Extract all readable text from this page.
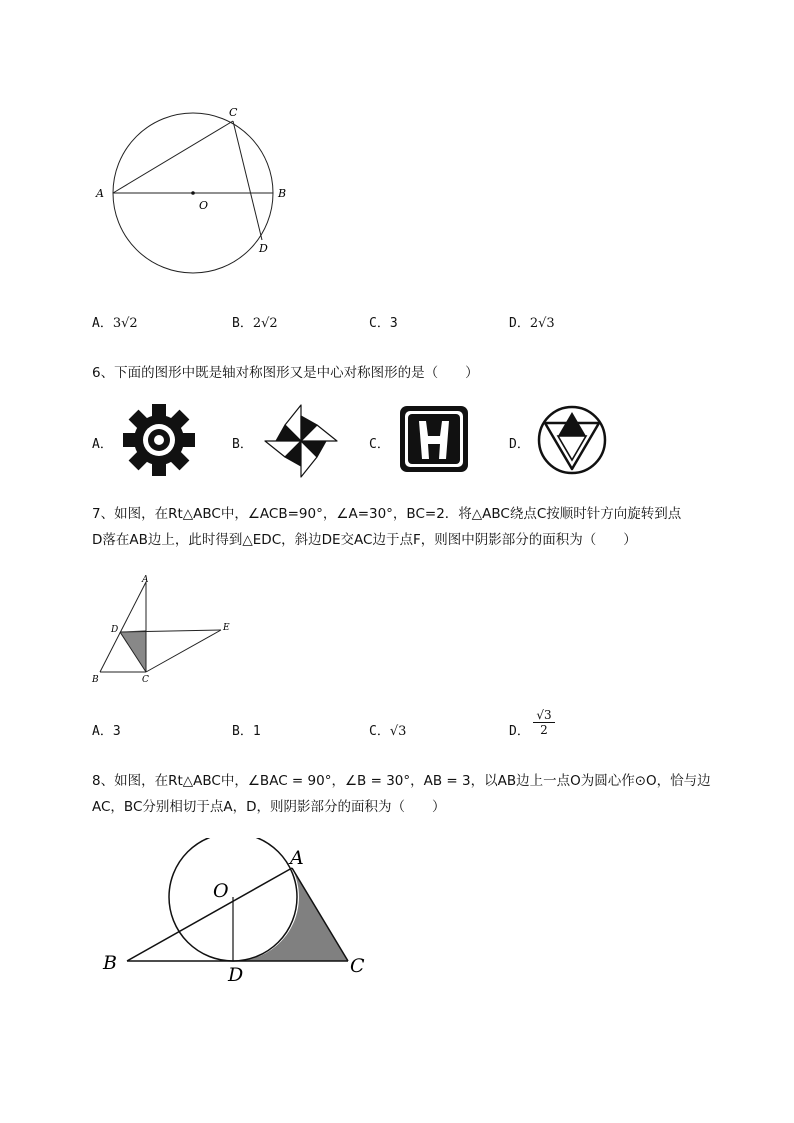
A	B
C
D
O
A．3√2	B．2√2	C．3	D．2√3
6、下面的图形中既是轴对称图形又是中心对称图形的是（　　）
A．	B．	C．	D．
7、如图，在Rt△ABC中，∠ACB=90°，∠A=30°，BC=2．将△ABC绕点C按顺时针方向旋转到点
D落在AB边上，此时得到△EDC，斜边DE交AC边于点F，则图中阴影部分的面积为（　　）
A
B	C
D	E
A．3	B．1	C．√3	D． $\frac{√3}{2}$
8、如图，在Rt△ABC中，∠BAC = 90°，∠B = 30°，AB = 3，以AB边上一点O为圆心作⊙O，恰与边
AC，BC分别相切于点A，D，则阴影部分的面积为（　　）
A
B	C
D
O
